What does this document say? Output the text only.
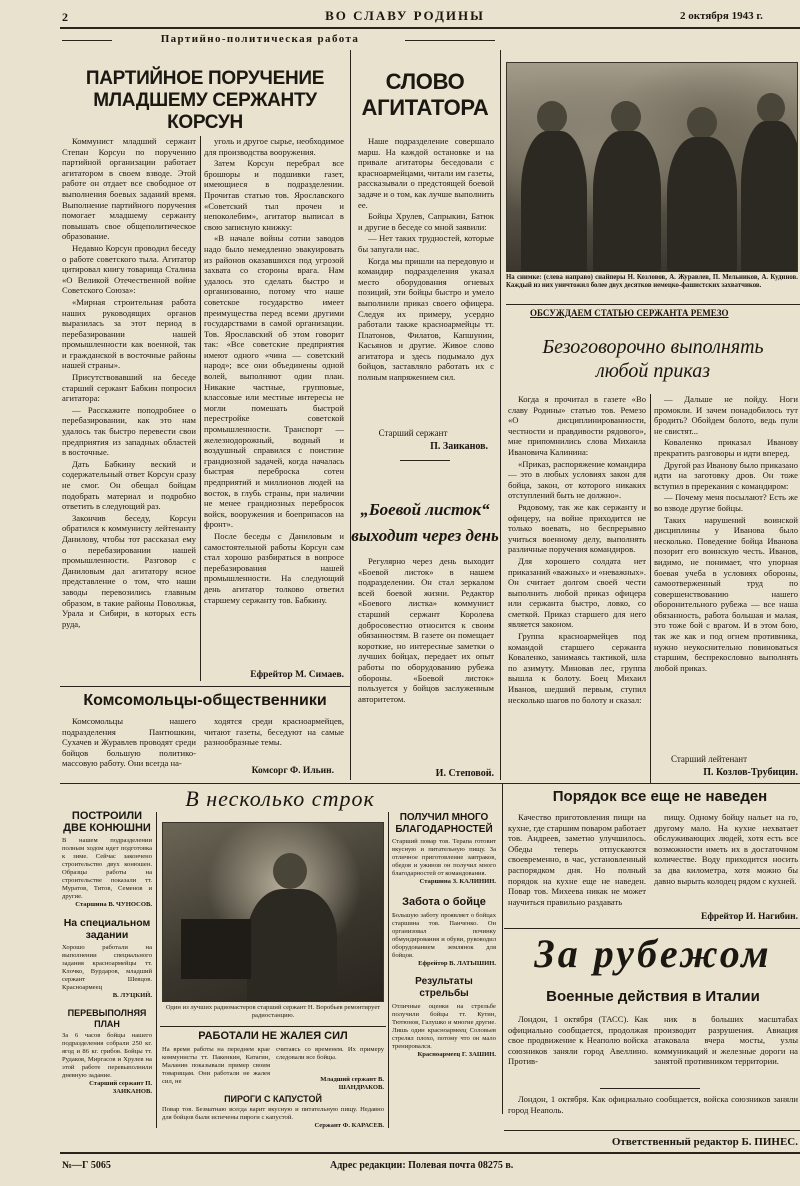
2	ВО СЛАВУ РОДИНЫ	2 октября 1943 г.
Партийно-политическая работа
ПАРТИЙНОЕ ПОРУЧЕНИЕ
МЛАДШЕМУ СЕРЖАНТУ КОРСУН

Коммунист младший сержант Степан Корсун по поручению партийной организации работает агитатором в своем взводе. Этой работе он отдает все свободное от выполнения боевых заданий время. Выполнение партийного поручения помогает младшему сержанту повышать свое общеполитическое образование.

Недавно Корсун проводил беседу о работе советского тыла. Агитатор цитировал книгу товарища Сталина «О Великой Отечественной войне Советского Союза»:

«Мирная строительная работа наших руководящих органов выразилась за этот период в перебазировании нашей промышленности как военной, так и гражданской в восточные районы нашей страны».

Присутствовавший на беседе старший сержант Бабкин попросил агитатора:

— Расскажите поподробнее о перебазировании, как это нам удалось так быстро перевести свои предприятия из западных областей в восточные.

Дать Бабкину веский и содержательный ответ Корсун сразу не смог. Он обещал бойцам подобрать материал и подробно ответить в следующий раз.

Закончив беседу, Корсун обратился к коммунисту лейтенанту Данилову, чтобы тот рассказал ему о перебазировании нашей промышленности. Разговор с Даниловым дал агитатору ясное представление о том, что наши заводы перевозились главным образом, в такие районы Поволжья, Урала и Сибири, в которых есть руда,

уголь и другое сырье, необходимое для производства вооружения.

Затем Корсун перебрал все брошюры и подшивки газет, имеющиеся в подразделении. Прочитав статью тов. Ярославского «Советский тыл прочен и непоколебим», агитатор выписал в свою записную книжку:

«В начале войны сотни заводов надо было немедленно эвакуировать из районов оказавшихся под угрозой захвата со стороны врага. Нам удалось это сделать быстро и организованно, потому что наше советское государство имеет преимущества перед всеми другими государствами в самой организации. Тов. Ярославский об этом говорит так: «Все советские предприятия имеют одного «чина — советский народ»; все они объединены одной волей, выполняют один план. Никакие частные, групповые, классовые или местные интересы не могли помешать быстрой перестройке советской промышленности. Транспорт — железнодорожный, водный и воздушный справился с поистине грандиозной задачей, когда началась быстрая переброска сотен предприятий и миллионов людей на восток, в глубь страны, при наличии не менее грандиозных перебросок войск, вооружения и боеприпасов на фронт».

После беседы с Даниловым и самостоятельной работы Корсун сам стал хорошо разбираться в вопросе перебазирования нашей промышленности. На следующий день агитатор толково ответил старшему сержанту тов. Бабкину.

Ефрейтор М. Симаев.
СЛОВО
АГИТАТОРА

Наше подразделение совершало марш. На каждой остановке и на привале агитаторы беседовали с красноармейцами, читали им газеты, рассказывали о предстоящей боевой задаче и о том, как лучше выполнить ее.

Бойцы Хрулев, Сапрыкин, Батюк и другие в беседе со мной заявили:

— Нет таких трудностей, которые бы запугали нас.

Когда мы пришли на передовую и командир подразделения указал место оборудования огневых позиций, эти бойцы быстро и умело выполнили приказ своего офицера. Следуя их примеру, усердно работали также красноармейцы тт. Платонов, Филатов, Капшунин, Касьянов и другие. Живое слово агитатора и здесь подымало дух бойцов, заставляло работать их с полным напряжением сил.

Старший сержант
П. Заиканов.
„Боевой листок“
выходит через день

Регулярно через день выходит «Боевой листок» в нашем подразделении. Он стал зеркалом всей боевой жизни. Редактор «Боевого листка» коммунист старший сержант Королева добросовестно относится к своим обязанностям. В газете он помещает короткие, но интересные заметки о лучших бойцах, передает их опыт работы по оборудованию рубежа обороны. «Боевой листок» пользуется у бойцов заслуженным авторитетом.

И. Степовой.
Комсомольцы-общественники

Комсомольцы нашего подразделения Пантюшкин, Сухачев и Журавлев проводят среди бойцов большую политико-массовую работу. Они всегда на-

ходятся среди красноармейцев, читают газеты, беседуют на самые разнообразные темы.

Комсорг Ф. Ильин.
На снимке: (слева направо) снайперы Н. Козловов, А. Журавлев, П. Мельников, А. Кудинов. Каждый из них уничтожил более двух десятков немецко-фашистских захватчиков.
ОБСУЖДАЕМ СТАТЬЮ СЕРЖАНТА РЕМЕЗО
Безоговорочно выполнять
любой приказ

Когда я прочитал в газете «Во славу Родины» статью тов. Ремезо «О дисциплинированности, честности и правдивости рядового», мне припомнились слова Михаила Ивановича Калинина:

«Приказ, распоряжение командира — это в любых условиях закон для бойца, закон, от которого никаких отступлений быть не должно».

Рядовому, так же как сержанту и офицеру, на войне приходится не только воевать, но беспрерывно учиться военному делу, выполнять различные поручения командиров.

Для хорошего солдата нет приказаний «важных» и «неважных». Он считает долгом своей чести выполнить любой приказ офицера или сержанта быстро, ловко, со сметкой. Приказ старшего для него является законом.

Группа красноармейцев под командой старшего сержанта Коваленко, занимаясь тактикой, шла по азимуту. Миновав лес, группа вышла к болоту. Боец Михаил Иванов, шедший первым, ступил несколько шагов по болоту и сказал:

— Дальше не пойду. Ноги промокли. И зачем понадобилось тут бродить? Обойдем болото, ведь пули не свистят...

Коваленко приказал Иванову прекратить разговоры и идти вперед.

Другой раз Иванову было приказано идти на заготовку дров. Он тоже вступил в пререкания с командиром:

— Почему меня посылают? Есть же во взводе другие бойцы.

Таких нарушений воинской дисциплины у Иванова было несколько. Поведение бойца Иванова позорит его воинскую честь. Иванов, видимо, не понимает, что упорная боевая учеба в условиях обороны, самоотверженный труд по совершенствованию нашего оборонительного рубежа — все наша обязанность, работа большая и малая, это тоже бой с врагом. И в этом бою, так же как и под огнем противника, нужно неукоснительно повиноваться старшим, беспрекословно выполнять любой приказ.

Старший лейтенант
П. Козлов-Трубицин.
Порядок все еще не наведен

Качество приготовления пищи на кухне, где старшим поваром работает тов. Андреев, заметно улучшилось. Обеды теперь отпускаются своевременно, в час, установленный распорядком дня. Но полный порядок на кухне еще не наведен. Повар тов. Михеева никак не может научиться правильно раздавать

пищу. Одному бойцу нальет на го, другому мало. На кухне нехватает обслуживающих людей, хотя есть все возможности иметь их в достаточном количестве. Воду приходится носить за два километра, хотя можно бы давно вырыть колодец рядом с кухней.

Ефрейтор И. Нагибин.
В несколько строк
ПОСТРОИЛИ ДВЕ КОНЮШНИ
В нашем подразделении полным ходом идет подготовка к зиме. Сейчас закончено строительство двух конюшен. Образцы работы на строительстве показали тт. Муратов, Титов, Семенов и другие.
Старшина В. ЧУНОСОВ.
На специальном задании
Хорошо работали на выполнении специального задания красноармейцы тт. Клочко, Вурдаров, младший сержант Шевцов. Красноармеец
В. ЛУЦКИЙ.
ПЕРЕВЫПОЛНЯЯ ПЛАН
За 6 часов бойцы нашего подразделения собрали 250 кг. ягод и 86 кг. грибов. Бойцы тт. Рудаков, Миргасов и Хрулев на этой работе перевыполнили дневную задание.
Старший сержант П. ЗАИКАНОВ.
Один из лучших радиомастеров старший сержант Н. Воробьев ремонтирует радиостанцию.
РАБОТАЛИ НЕ ЖАЛЕЯ СИЛ
На время работы на переднем крае коммунисты тт. Пакенкин, Катагин, Маланин показывали пример своим товарищам. Они работали не жалея сил, не
считаясь со временем. Их примеру следовали все бойцы.
Младший сержант В. ШАНДРАКОВ.
ПИРОГИ С КАПУСТОЙ
Повар тов. Безматнаю всегда варит вкусную и питательную пищу. Недавно для бойцов были испечены пироги с капустой.
Сержант Ф. КАРАСЕВ.
ПОЛУЧИЛ МНОГО БЛАГОДАРНОСТЕЙ
Старший повар тов. Терапа готовит вкусную и питательную пищу. За отличное приготовление завтраков, обедов и ужинов он получил много благодарностей от командования.
Старшина З. КАЛИНИН.
Забота о бойце
Большую заботу проявляет о бойцах старшина тов. Панченко. Он организовал починку обмундирования и обуви, руководил оборудованием землянок для бойцов.
Ефрейтор В. ЛАТЫШИН.
Результаты стрельбы
Отличные оценки на стрельбе получили бойцы тт. Кутин, Тютюнов, Галушко и многие другие. Лишь один красноармеец Соловьев стрелял плохо, потому что он мало тренировался.
Красноармеец Г. ЗАШИН.
За рубежом
Военные действия в Италии

Лондон, 1 октября (ТАСС). Как официально сообщается, продолжая свое продвижение к Неаполю войска союзников заняли город Авеллино. Против-

ник в больших масштабах производит разрушения. Авиация атаковала вчера мосты, узлы коммуникаций и железные дороги на занятой противником территории.

Лондон, 1 октября. Как официально сообщается, войска союзников заняли город Неаполь.

Ответственный редактор Б. ПИНЕС.
№—Г 5065	Адрес редакции: Полевая почта 08275 в.
